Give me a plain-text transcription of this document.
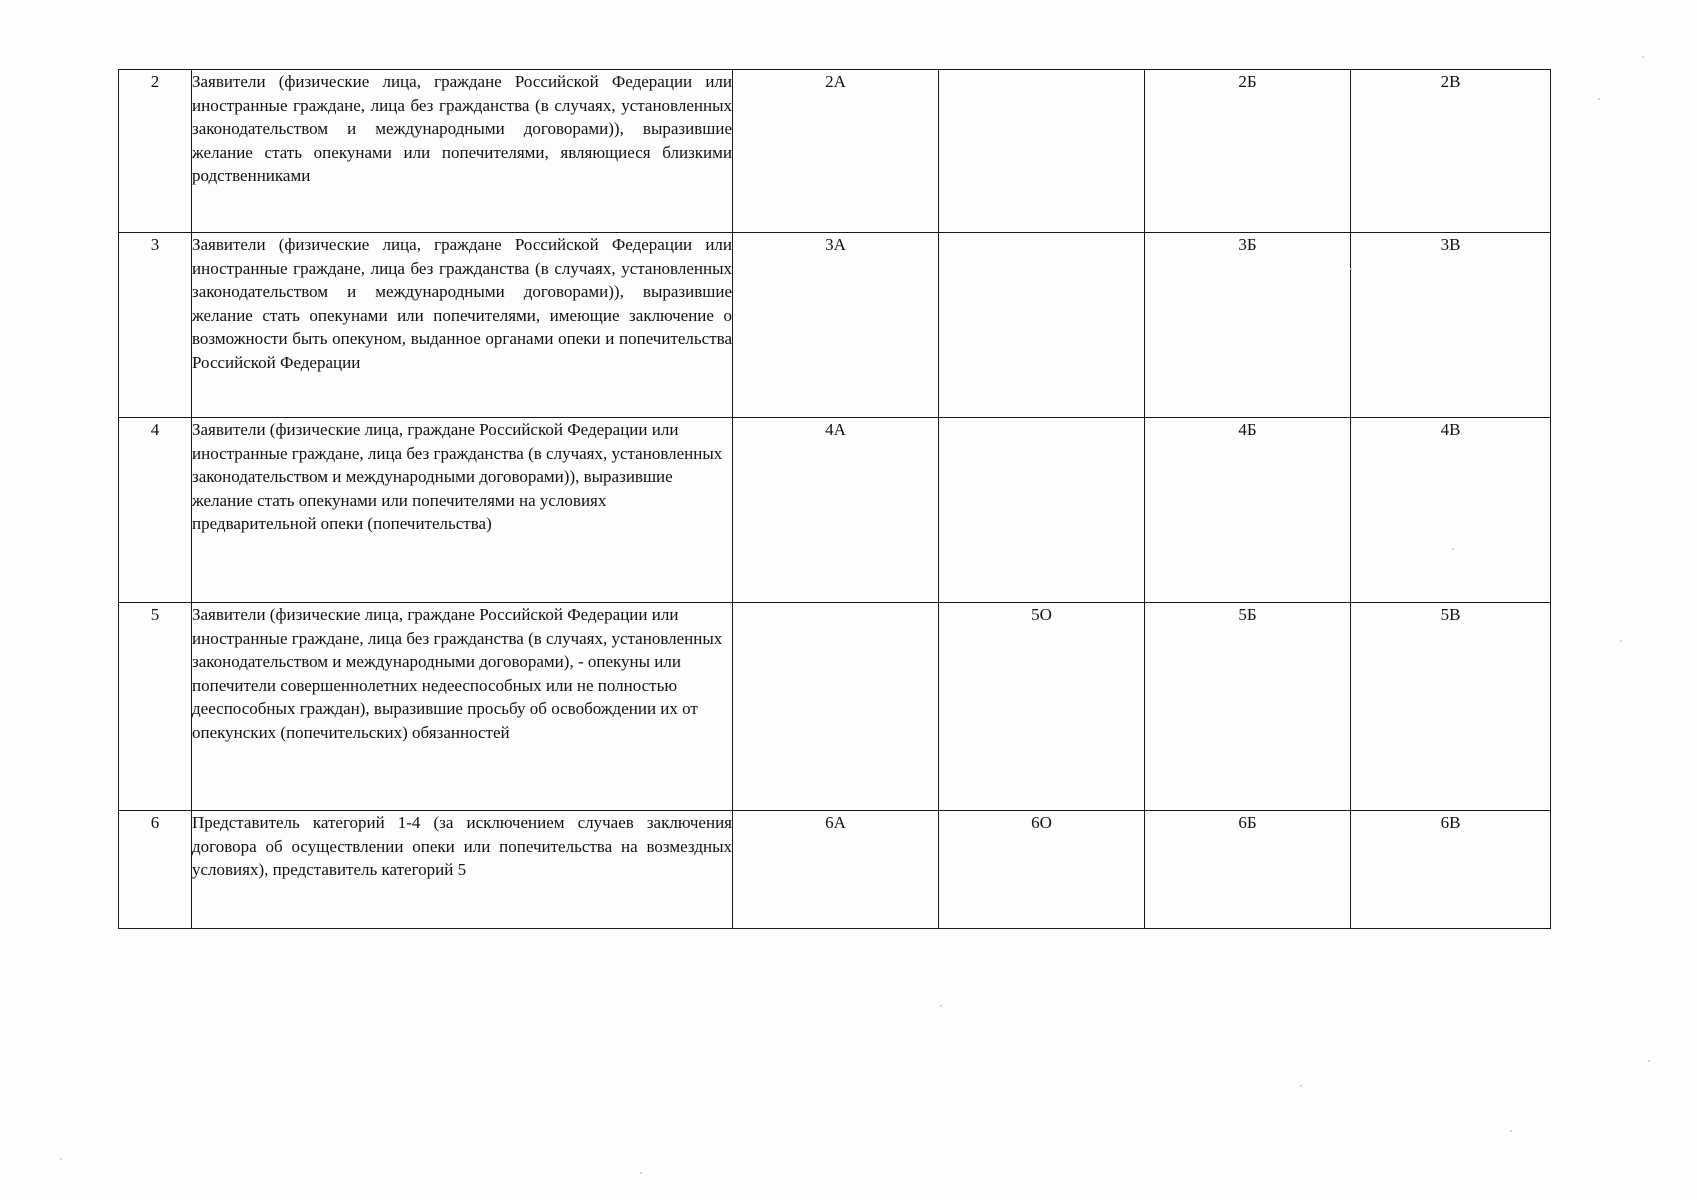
2	Заявители (физические лица, граждане Российской Федерации или иностранные граждане, лица без гражданства (в случаях, установленных законодательством и международными договорами)), выразившие желание стать опекунами или попечителями, являющиеся близкими родственниками	2А		2Б	2В
3	Заявители (физические лица, граждане Российской Федерации или иностранные граждане, лица без гражданства (в случаях, установленных законодательством и международными договорами)), выразившие желание стать опекунами или попечителями, имеющие заключение о возможности быть опекуном, выданное органами опеки и попечительства Российской Федерации	3А		3Б	3В
4	Заявители (физические лица, граждане Российской Федерации или иностранные граждане, лица без гражданства (в случаях, установленных законодательством и международными договорами)), выразившие желание стать опекунами или попечителями на условиях предварительной опеки (попечительства)	4А		4Б	4В
5	Заявители (физические лица, граждане Российской Федерации или иностранные граждане, лица без гражданства (в случаях, установленных законодательством и международными договорами), - опекуны или попечители совершеннолетних недееспособных или не полностью дееспособных граждан), выразившие просьбу об освобождении их от опекунских (попечительских) обязанностей		5О	5Б	5В
6	Представитель категорий 1-4 (за исключением случаев заключения договора об осуществлении опеки или попечительства на возмездных условиях), представитель категорий 5	6А	6О	6Б	6В
